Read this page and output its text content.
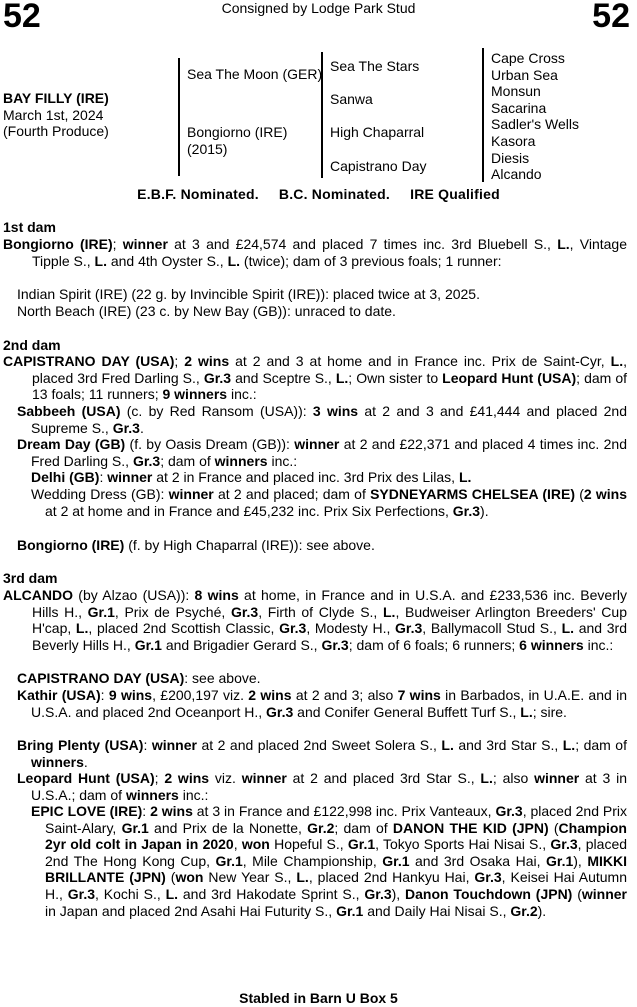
52	Consigned by Lodge Park Stud	52
BAY FILLY (IRE)
March 1st, 2024
(Fourth Produce)
Sea The Moon (GER)
Bongiorno (IRE) (2015)
Sea The Stars
Sanwa
High Chaparral
Capistrano Day
Cape Cross
Urban Sea
Monsun
Sacarina
Sadler's Wells
Kasora
Diesis
Alcando
E.B.F. Nominated. B.C. Nominated. IRE Qualified
1st dam
Bongiorno (IRE); winner at 3 and £24,574 and placed 7 times inc. 3rd Bluebell S., L., Vintage Tipple S., L. and 4th Oyster S., L. (twice); dam of 3 previous foals; 1 runner:
Indian Spirit (IRE) (22 g. by Invincible Spirit (IRE)): placed twice at 3, 2025.
North Beach (IRE) (23 c. by New Bay (GB)): unraced to date.
2nd dam
CAPISTRANO DAY (USA); 2 wins at 2 and 3 at home and in France inc. Prix de Saint-Cyr, L., placed 3rd Fred Darling S., Gr.3 and Sceptre S., L.; Own sister to Leopard Hunt (USA); dam of 13 foals; 11 runners; 9 winners inc.:
Sabbeeh (USA) (c. by Red Ransom (USA)): 3 wins at 2 and 3 and £41,444 and placed 2nd Supreme S., Gr.3.
Dream Day (GB) (f. by Oasis Dream (GB)): winner at 2 and £22,371 and placed 4 times inc. 2nd Fred Darling S., Gr.3; dam of winners inc.:
Delhi (GB): winner at 2 in France and placed inc. 3rd Prix des Lilas, L.
Wedding Dress (GB): winner at 2 and placed; dam of SYDNEYARMS CHELSEA (IRE) (2 wins at 2 at home and in France and £45,232 inc. Prix Six Perfections, Gr.3).
Bongiorno (IRE) (f. by High Chaparral (IRE)): see above.
3rd dam
ALCANDO (by Alzao (USA)): 8 wins at home, in France and in U.S.A. and £233,536 inc. Beverly Hills H., Gr.1, Prix de Psyché, Gr.3, Firth of Clyde S., L., Budweiser Arlington Breeders' Cup H'cap, L., placed 2nd Scottish Classic, Gr.3, Modesty H., Gr.3, Ballymacoll Stud S., L. and 3rd Beverly Hills H., Gr.1 and Brigadier Gerard S., Gr.3; dam of 6 foals; 6 runners; 6 winners inc.:
CAPISTRANO DAY (USA): see above.
Kathir (USA): 9 wins, £200,197 viz. 2 wins at 2 and 3; also 7 wins in Barbados, in U.A.E. and in U.S.A. and placed 2nd Oceanport H., Gr.3 and Conifer General Buffett Turf S., L.; sire.
Bring Plenty (USA): winner at 2 and placed 2nd Sweet Solera S., L. and 3rd Star S., L.; dam of winners.
Leopard Hunt (USA); 2 wins viz. winner at 2 and placed 3rd Star S., L.; also winner at 3 in U.S.A.; dam of winners inc.:
EPIC LOVE (IRE): 2 wins at 3 in France and £122,998 inc. Prix Vanteaux, Gr.3, placed 2nd Prix Saint-Alary, Gr.1 and Prix de la Nonette, Gr.2; dam of DANON THE KID (JPN) (Champion 2yr old colt in Japan in 2020, won Hopeful S., Gr.1, Tokyo Sports Hai Nisai S., Gr.3, placed 2nd The Hong Kong Cup, Gr.1, Mile Championship, Gr.1 and 3rd Osaka Hai, Gr.1), MIKKI BRILLANTE (JPN) (won New Year S., L., placed 2nd Hankyu Hai, Gr.3, Keisei Hai Autumn H., Gr.3, Kochi S., L. and 3rd Hakodate Sprint S., Gr.3), Danon Touchdown (JPN) (winner in Japan and placed 2nd Asahi Hai Futurity S., Gr.1 and Daily Hai Nisai S., Gr.2).
Stabled in Barn U Box 5
